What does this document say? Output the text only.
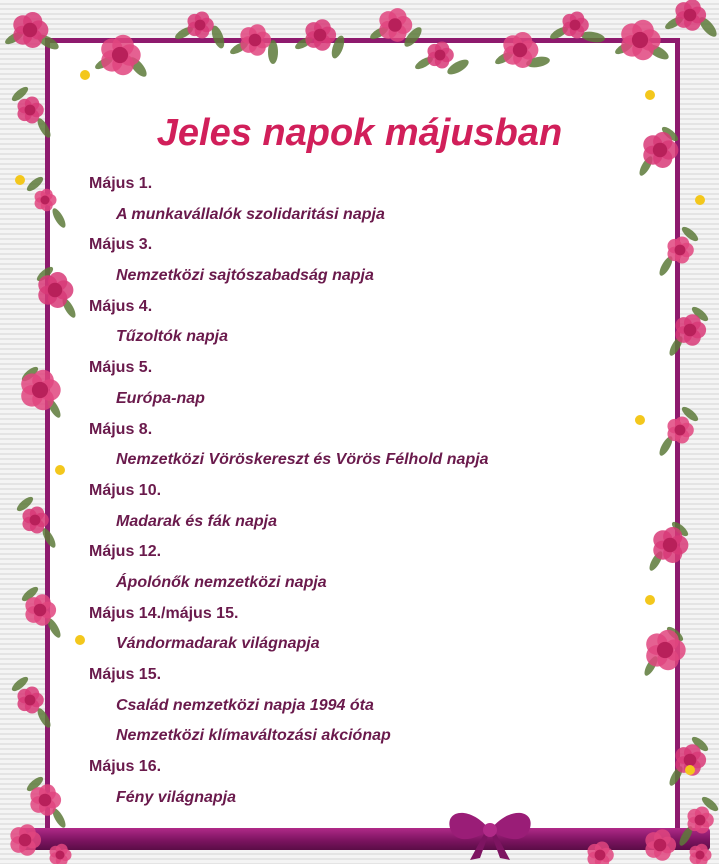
Jeles napok májusban
Május 1.
A munkavállalók szolidaritási napja
Május 3.
Nemzetközi sajtószabadság napja
Május 4.
Tűzoltók napja
Május 5.
Európa-nap
Május 8.
Nemzetközi Vöröskereszt és Vörös Félhold napja
Május 10.
Madarak és fák napja
Május 12.
Ápolónők nemzetközi napja
Május 14./május 15.
Vándormadarak világnapja
Május 15.
Család nemzetközi napja 1994 óta
Nemzetközi klímaváltozási akciónap
Május 16.
Fény világnapja
